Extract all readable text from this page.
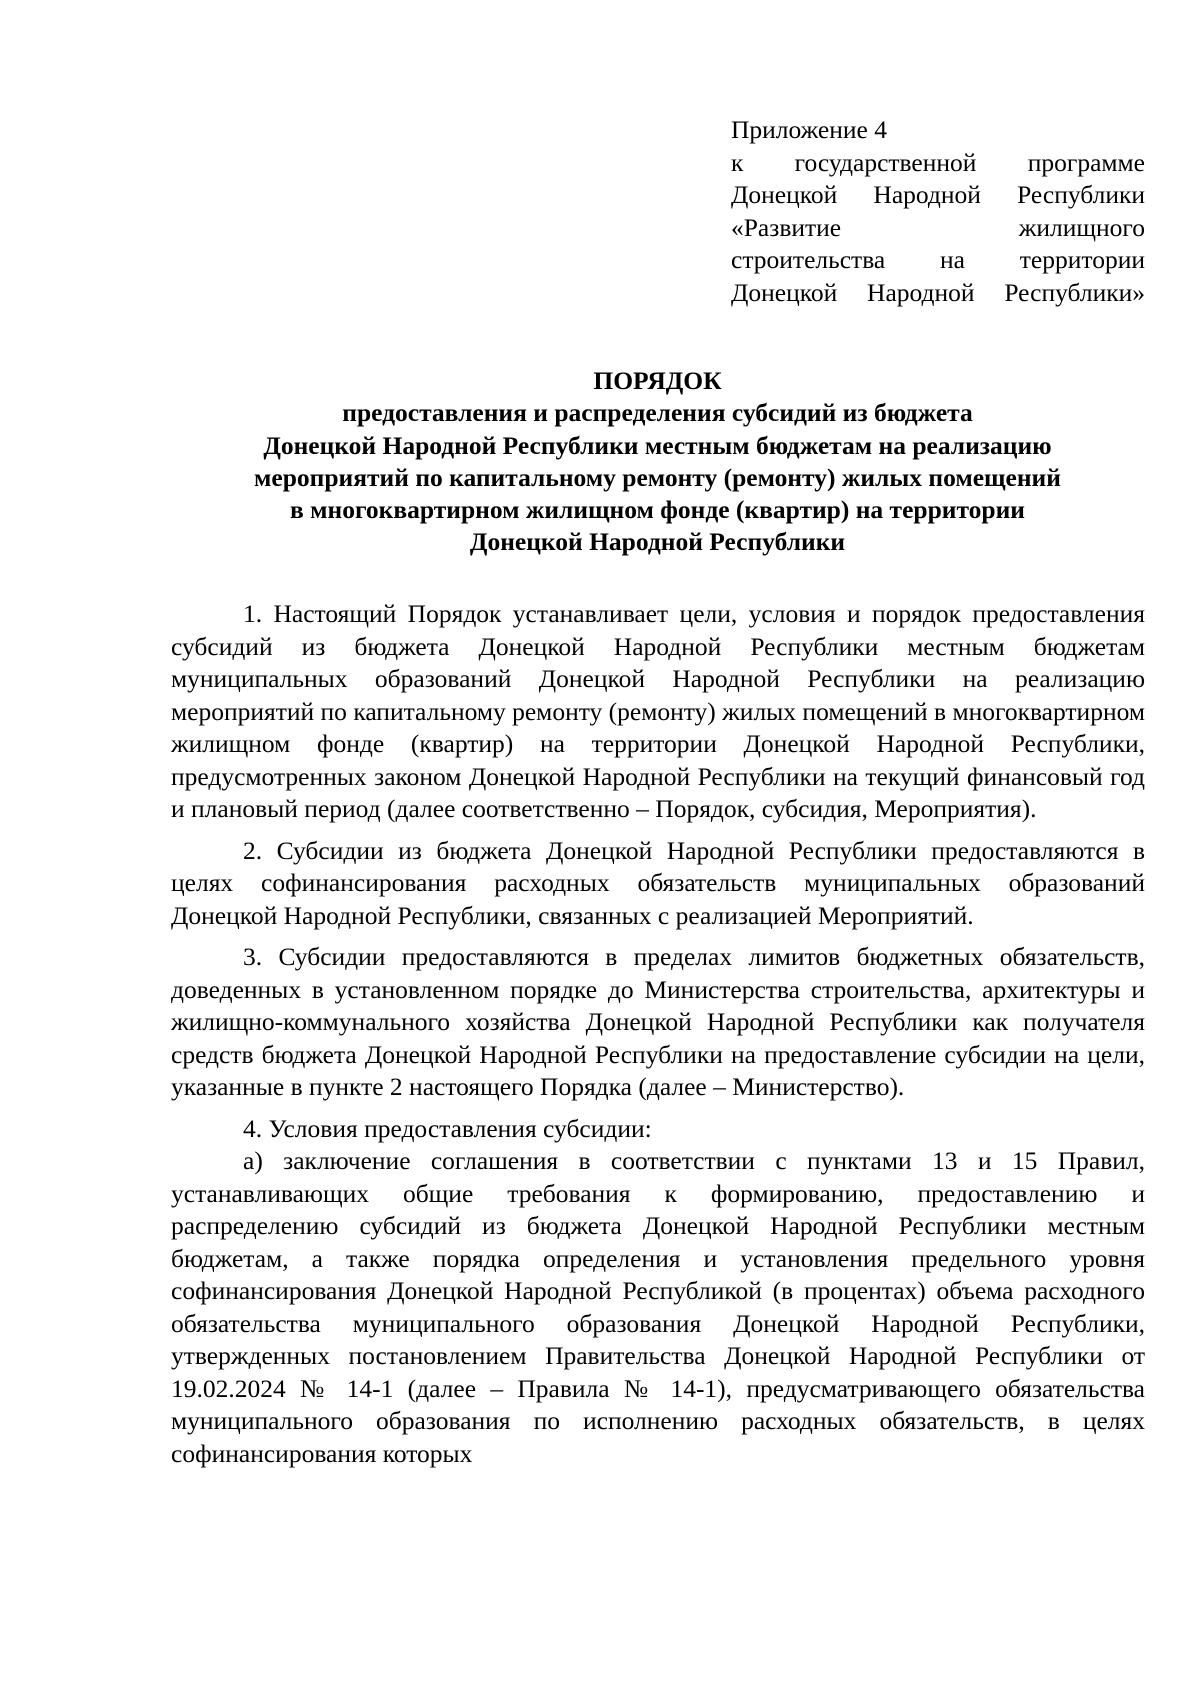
Приложение 4
к государственной программе
Донецкой Народной Республики
«Развитие жилищного
строительства на территории
Донецкой Народной Республики»
ПОРЯДОК
предоставления и распределения субсидий из бюджета
Донецкой Народной Республики местным бюджетам на реализацию
мероприятий по капитальному ремонту (ремонту) жилых помещений
в многоквартирном жилищном фонде (квартир) на территории
Донецкой Народной Республики

1. Настоящий Порядок устанавливает цели, условия и порядок предоставления субсидий из бюджета Донецкой Народной Республики местным бюджетам муниципальных образований Донецкой Народной Республики на реализацию мероприятий по капитальному ремонту (ремонту) жилых помещений в многоквартирном жилищном фонде (квартир) на территории Донецкой Народной Республики, предусмотренных законом Донецкой Народной Республики на текущий финансовый год и плановый период (далее соответственно – Порядок, субсидия, Мероприятия).

2. Субсидии из бюджета Донецкой Народной Республики предоставляются в целях софинансирования расходных обязательств муниципальных образований Донецкой Народной Республики, связанных с реализацией Мероприятий.

3. Субсидии предоставляются в пределах лимитов бюджетных обязательств, доведенных в установленном порядке до Министерства строительства, архитектуры и жилищно-коммунального хозяйства Донецкой Народной Республики как получателя средств бюджета Донецкой Народной Республики на предоставление субсидии на цели, указанные в пункте 2 настоящего Порядка (далее – Министерство).

4. Условия предоставления субсидии:

а) заключение соглашения в соответствии с пунктами 13 и 15 Правил, устанавливающих общие требования к формированию, предоставлению и распределению субсидий из бюджета Донецкой Народной Республики местным бюджетам, а также порядка определения и установления предельного уровня софинансирования Донецкой Народной Республикой (в процентах) объема расходного обязательства муниципального образования Донецкой Народной Республики, утвержденных постановлением Правительства Донецкой Народной Республики от 19.02.2024 № 14-1 (далее – Правила № 14-1), предусматривающего обязательства муниципального образования по исполнению расходных обязательств, в целях софинансирования которых
